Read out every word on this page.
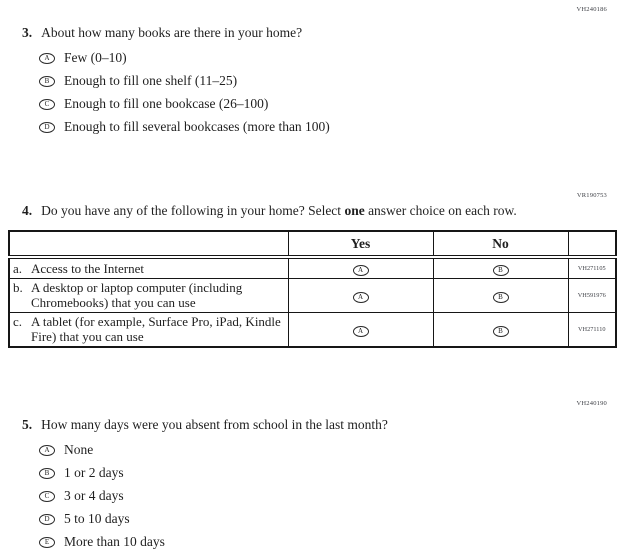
VH240186
3. About how many books are there in your home?
A	Few (0–10)
B	Enough to fill one shelf (11–25)
C	Enough to fill one bookcase (26–100)
D	Enough to fill several bookcases (more than 100)
VR190753
4. Do you have any of the following in your home? Select one answer choice on each row.
	Yes	No	

a. Access to the Internet	A	B	VH271105

b. A desktop or laptop computer (including Chromebooks) that you can use	A	B	VH591976

c. A tablet (for example, Surface Pro, iPad, Kindle Fire) that you can use	A	B	VH271110
VH240190
5. How many days were you absent from school in the last month?
A	None
B	1 or 2 days
C	3 or 4 days
D	5 to 10 days
E	More than 10 days
